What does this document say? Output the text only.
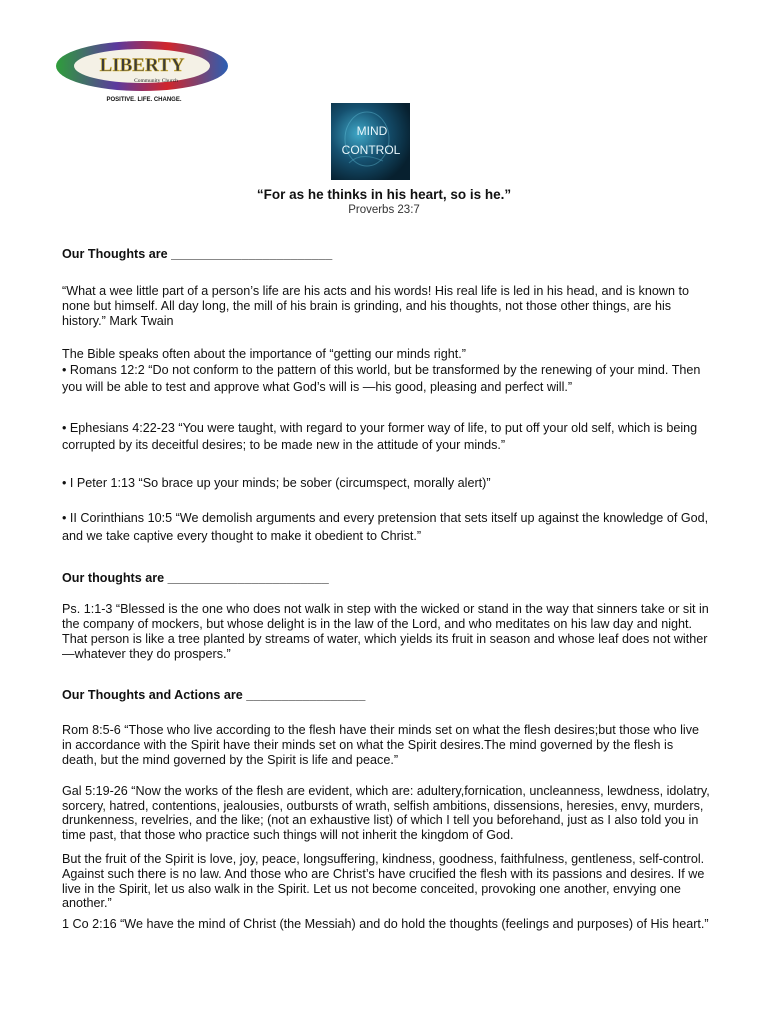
LIBERTY
Community Church
POSITIVE. LIFE. CHANGE.
MIND
CONTROL
“For as he thinks in his heart, so is he.”
Proverbs 23:7

Our Thoughts are _______________________

“What a wee little part of a person’s life are his acts and his words! His real life is led in his head, and is known to none but himself. All day long, the mill of his brain is grinding, and his thoughts, not those other things, are his history.” Mark Twain

The Bible speaks often about the importance of “getting our minds right.”

• Romans 12:2 “Do not conform to the pattern of this world, but be transformed by the renewing of your mind. Then you will be able to test and approve what God’s will is —his good, pleasing and perfect will.”

• Ephesians 4:22-23 “You were taught, with regard to your former way of life, to put off your old self, which is being corrupted by its deceitful desires; to be made new in the attitude of your minds.”

• I Peter 1:13 “So brace up your minds; be sober (circumspect, morally alert)”

• II Corinthians 10:5 “We demolish arguments and every pretension that sets itself up against the knowledge of God, and we take captive every thought to make it obedient to Christ.”

Our thoughts are _______________________

Ps. 1:1-3 “Blessed is the one who does not walk in step with the wicked or stand in the way that sinners take or sit in the company of mockers, but whose delight is in the law of the Lord, and who meditates on his law day and night. That person is like a tree planted by streams of water, which yields its fruit in season and whose leaf does not wither—whatever they do prospers.”

Our Thoughts and Actions are _________________

Rom 8:5-6 “Those who live according to the flesh have their minds set on what the flesh desires;but those who live in accordance with the Spirit have their minds set on what the Spirit desires.The mind governed by the flesh is death, but the mind governed by the Spirit is life and peace.”

Gal 5:19-26 “Now the works of the flesh are evident, which are: adultery,fornication, uncleanness, lewdness, idolatry, sorcery, hatred, contentions, jealousies, outbursts of wrath, selfish ambitions, dissensions, heresies, envy, murders, drunkenness, revelries, and the like; (not an exhaustive list) of which I tell you beforehand, just as I also told you in time past, that those who practice such things will not inherit the kingdom of God.

But the fruit of the Spirit is love, joy, peace, longsuffering, kindness, goodness, faithfulness, gentleness, self-control. Against such there is no law. And those who are Christ’s have crucified the flesh with its passions and desires. If we live in the Spirit, let us also walk in the Spirit. Let us not become conceited, provoking one another, envying one another.”

1 Co 2:16 “We have the mind of Christ (the Messiah) and do hold the thoughts (feelings and purposes) of His heart.”
